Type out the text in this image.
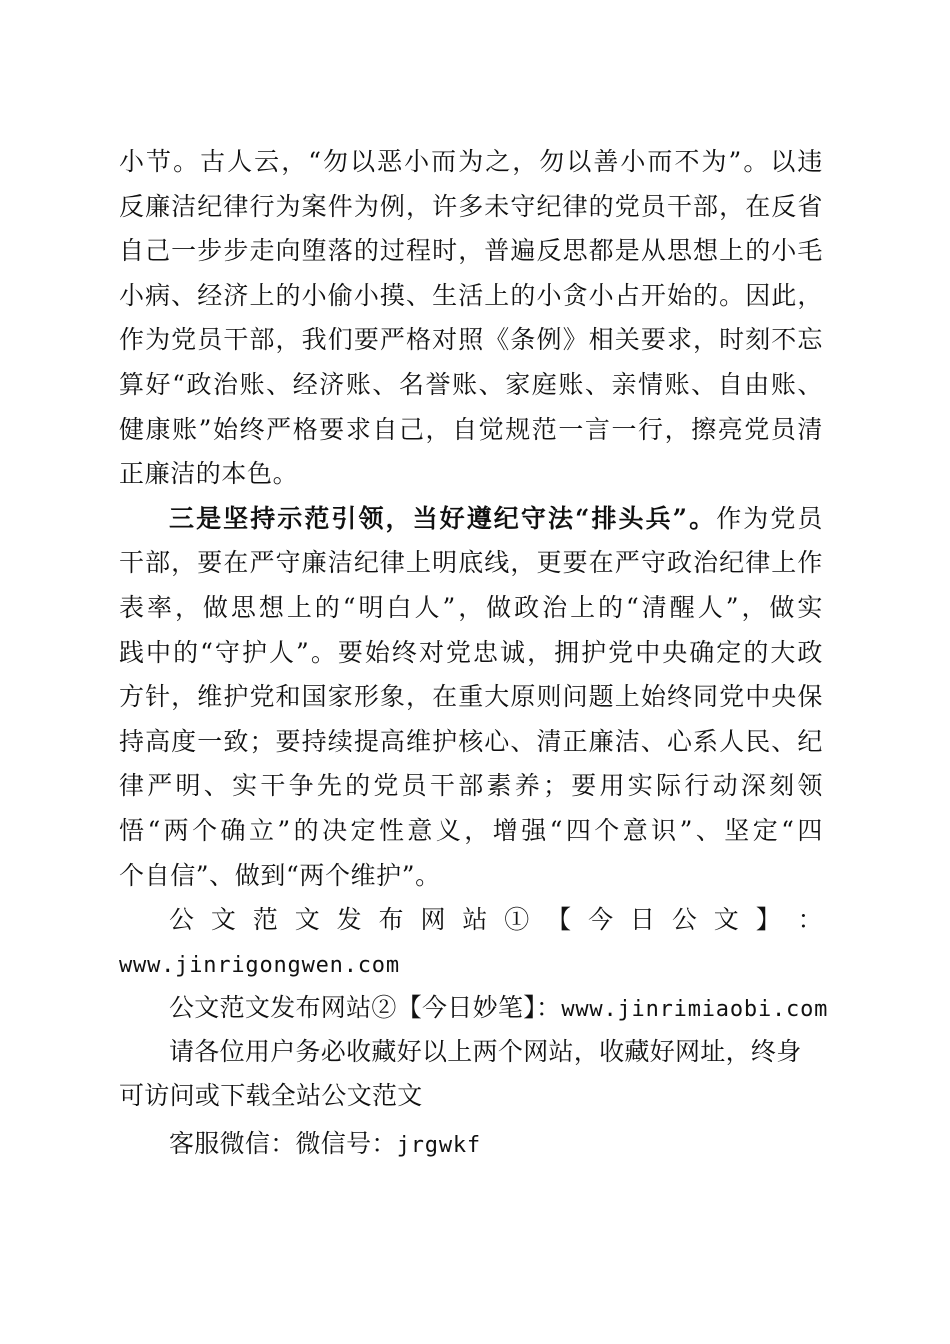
小节。古人云，“勿以恶小而为之，勿以善小而不为”。以违
反廉洁纪律行为案件为例，许多未守纪律的党员干部，在反省
自己一步步走向堕落的过程时，普遍反思都是从思想上的小毛
小病、经济上的小偷小摸、生活上的小贪小占开始的。因此，
作为党员干部，我们要严格对照《条例》相关要求，时刻不忘
算好“政治账、经济账、名誉账、家庭账、亲情账、自由账、
健康账”始终严格要求自己，自觉规范一言一行，擦亮党员清
正廉洁的本色。
三是坚持示范引领，当好遵纪守法“排头兵”。作为党员
干部，要在严守廉洁纪律上明底线，更要在严守政治纪律上作
表率，做思想上的“明白人”，做政治上的“清醒人”，做实
践中的“守护人”。要始终对党忠诚，拥护党中央确定的大政
方针，维护党和国家形象，在重大原则问题上始终同党中央保
持高度一致；要持续提高维护核心、清正廉洁、心系人民、纪
律严明、实干争先的党员干部素养；要用实际行动深刻领
悟“两个确立”的决定性意义，增强“四个意识”、坚定“四
个自信”、做到“两个维护”。
公 文 范 文 发 布 网 站 ① 【 今 日 公 文 】 ：
www.jinrigongwen.com
公文范文发布网站②【今日妙笔】：www.jinrimiaobi.com
请各位用户务必收藏好以上两个网站，收藏好网址，终身
可访问或下载全站公文范文
客服微信：微信号：jrgwkf
